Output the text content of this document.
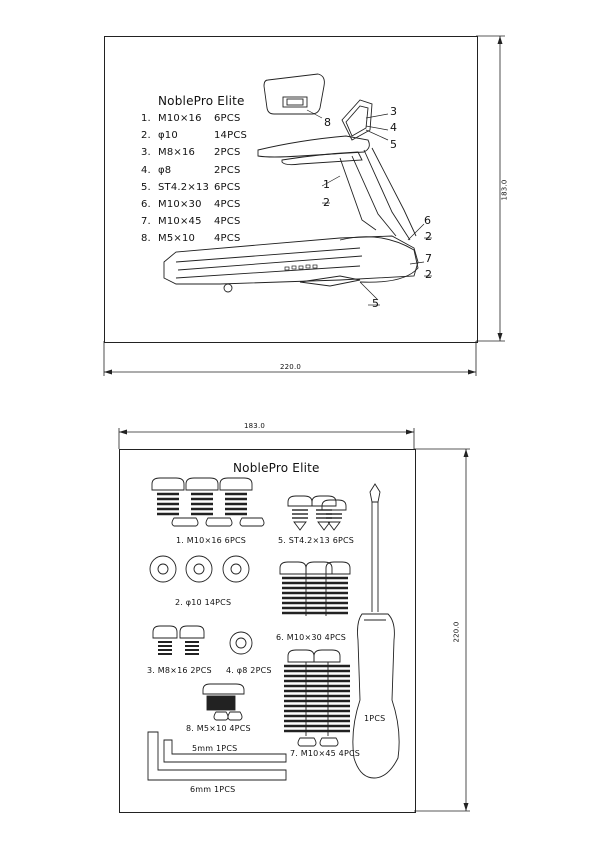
NoblePro Elite
1. M10×16 6PCS
2. φ10	14PCS
3. M8×16 2PCS
4. φ8	2PCS
5. ST4.2×13 6PCS
6. M10×30 4PCS
7. M10×45 4PCS
8. M5×10 4PCS
8
3
4
5
1
2
6
2
7
2
5
183.0
220.0
NoblePro Elite
1. M10×16 6PCS	5. ST4.2×13 6PCS
2. φ10 14PCS
6. M10×30 4PCS
3. M8×16 2PCS 4. φ8 2PCS
8. M5×10 4PCS
7. M10×45 4PCS
1PCS
5mm 1PCS
6mm 1PCS
183.0
220.0
